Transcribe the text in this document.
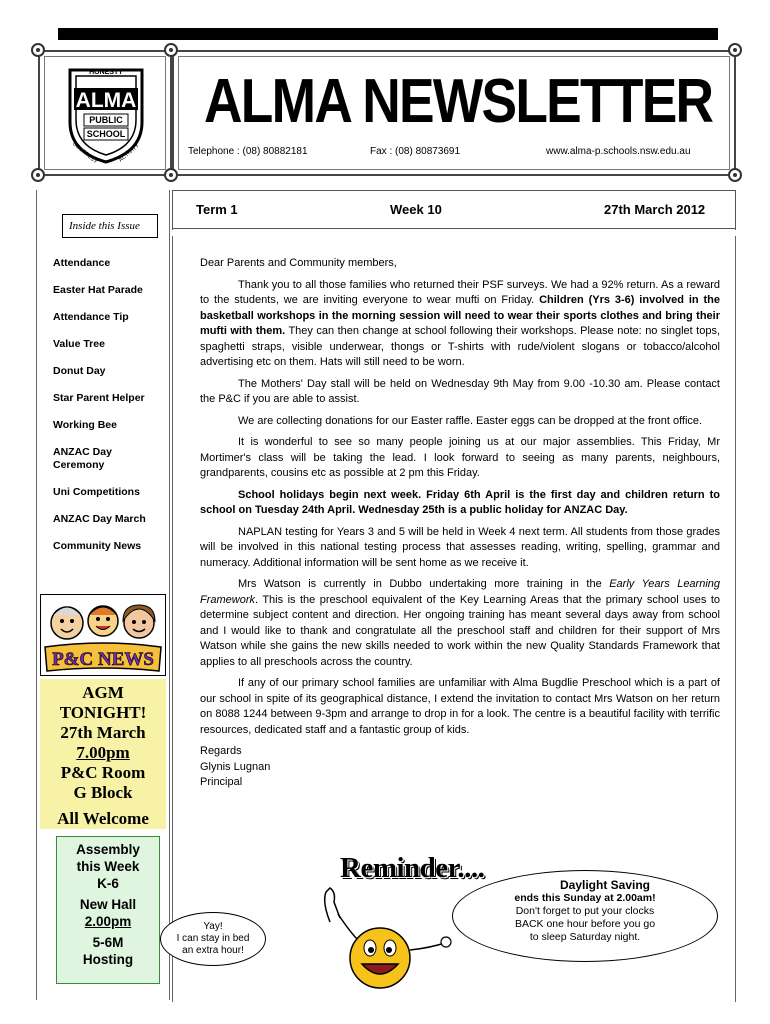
HONESTY
ALMA
PUBLIC
SCHOOL
COURTESY	ACTIVITY
ALMA NEWSLETTER
Telephone : (08) 80882181	Fax : (08) 80873691	www.alma-p.schools.nsw.edu.au
Term 1	Week 10	27th March 2012
Inside this Issue
Attendance
Easter Hat Parade
Attendance Tip
Value Tree
Donut Day
Star Parent Helper
Working Bee
ANZAC Day Ceremony
Uni Competitions
ANZAC Day March
Community News
P&C NEWS
AGM
TONIGHT!
27th March
7.00pm
P&C Room
G Block
All Welcome
Assembly
this Week
K-6
New Hall
2.00pm
5-6M
Hosting

Dear Parents and Community members,

Thank you to all those families who returned their PSF surveys. We had a 92% return. As a reward to the students, we are inviting everyone to wear mufti on Friday. Children (Yrs 3-6) involved in the basketball workshops in the morning session will need to wear their sports clothes and bring their mufti with them. They can then change at school following their workshops. Please note: no singlet tops, spaghetti straps, visible underwear, thongs or T-shirts with rude/violent slogans or tobacco/alcohol advertising etc on them. Hats will still need to be worn.

The Mothers' Day stall will be held on Wednesday 9th May from 9.00 -10.30 am. Please contact the P&C if you are able to assist.

We are collecting donations for our Easter raffle. Easter eggs can be dropped at the front office.

It is wonderful to see so many people joining us at our major assemblies. This Friday, Mr Mortimer's class will be taking the lead. I look forward to seeing as many parents, neighbours, grandparents, cousins etc as possible at 2 pm this Friday.

School holidays begin next week. Friday 6th April is the first day and children return to school on Tuesday 24th April. Wednesday 25th is a public holiday for ANZAC Day.

NAPLAN testing for Years 3 and 5 will be held in Week 4 next term. All students from those grades will be involved in this national testing process that assesses reading, writing, spelling, grammar and numeracy. Additional information will be sent home as we receive it.

Mrs Watson is currently in Dubbo undertaking more training in the Early Years Learning Framework. This is the preschool equivalent of the Key Learning Areas that the primary school uses to determine subject content and direction. Her ongoing training has meant several days away from school and I would like to thank and congratulate all the preschool staff and children for their support of Mrs Watson while she gains the new skills needed to work within the new Quality Standards Framework that applies to all preschools across the country.

If any of our primary school families are unfamiliar with Alma Bugdlie Preschool which is a part of our school in spite of its geographical distance, I extend the invitation to contact Mrs Watson on her return on 8088 1244 between 9-3pm and arrange to drop in for a look. The centre is a beautiful facility with terrific resources, dedicated staff and a fantastic group of kids.

Regards

Glynis Lugnan

Principal

Reminder....
Daylight Saving
ends this Sunday at 2.00am!
Don't forget to put your clocks
BACK one hour before you go
to sleep Saturday night.
Yay!
I can stay in bed
an extra hour!
